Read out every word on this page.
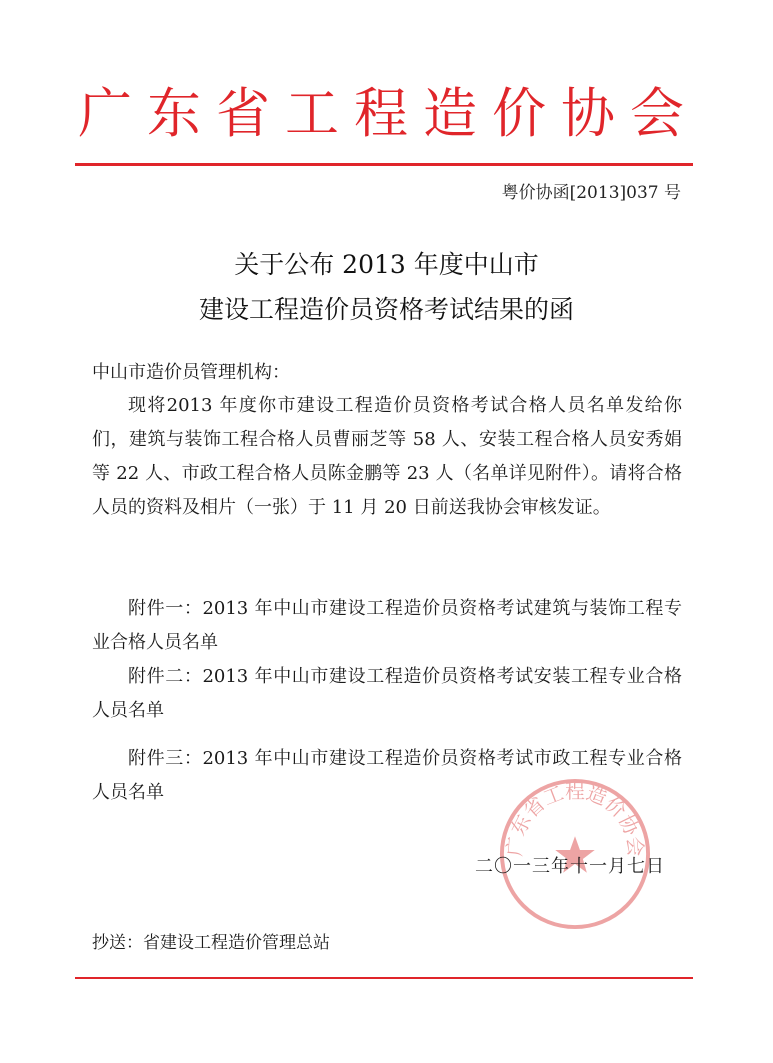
广东省工程造价协会
粤价协函[2013]037 号
关于公布 2013 年度中山市
建设工程造价员资格考试结果的函
中山市造价员管理机构：
现将2013 年度你市建设工程造价员资格考试合格人员名单发给你们，建筑与装饰工程合格人员曹丽芝等 58 人、安装工程合格人员安秀娟等 22 人、市政工程合格人员陈金鹏等 23 人（名单详见附件）。请将合格人员的资料及相片（一张）于 11 月 20 日前送我协会审核发证。
附件一：2013 年中山市建设工程造价员资格考试建筑与装饰工程专业合格人员名单
附件二：2013 年中山市建设工程造价员资格考试安装工程专业合格人员名单
附件三：2013 年中山市建设工程造价员资格考试市政工程专业合格人员名单
广东省工程造价协会
二〇一三年十一月七日
抄送：省建设工程造价管理总站
